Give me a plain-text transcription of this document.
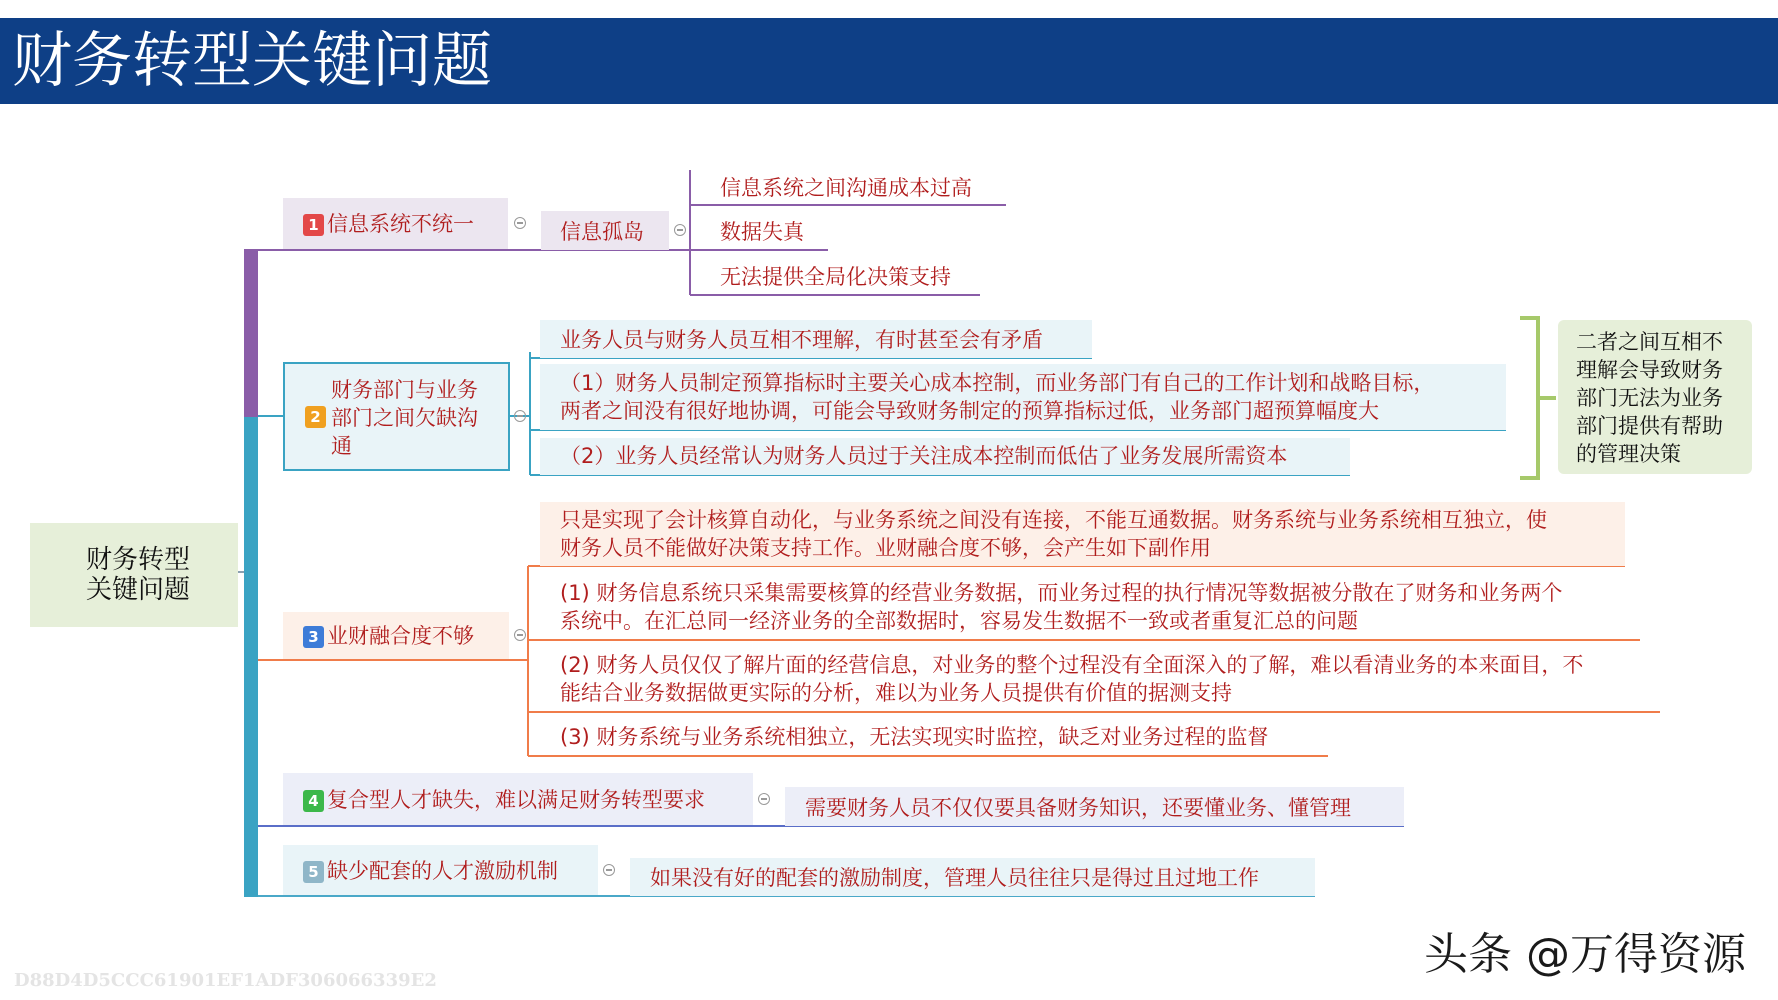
财务转型关键问题
财务转型
关键问题
1 信息系统不统一	信息孤岛
信息系统之间沟通成本过高
数据失真
无法提供全局化决策支持
2
财务部门与业务
部门之间欠缺沟
通
业务人员与财务人员互相不理解，有时甚至会有矛盾
（1）财务人员制定预算指标时主要关心成本控制，而业务部门有自己的工作计划和战略目标，
两者之间没有很好地协调，可能会导致财务制定的预算指标过低，业务部门超预算幅度大
（2）业务人员经常认为财务人员过于关注成本控制而低估了业务发展所需资本
二者之间互相不
理解会导致财务
部门无法为业务
部门提供有帮助
的管理决策
3 业财融合度不够
只是实现了会计核算自动化，与业务系统之间没有连接，不能互通数据。财务系统与业务系统相互独立，使
财务人员不能做好决策支持工作。业财融合度不够，会产生如下副作用
(1) 财务信息系统只采集需要核算的经营业务数据，而业务过程的执行情况等数据被分散在了财务和业务两个
系统中。在汇总同一经济业务的全部数据时，容易发生数据不一致或者重复汇总的问题
(2) 财务人员仅仅了解片面的经营信息，对业务的整个过程没有全面深入的了解，难以看清业务的本来面目，不
能结合业务数据做更实际的分析，难以为业务人员提供有价值的据测支持
(3) 财务系统与业务系统相独立，无法实现实时监控，缺乏对业务过程的监督
4 复合型人才缺失，难以满足财务转型要求	需要财务人员不仅仅要具备财务知识，还要懂业务、懂管理
5 缺少配套的人才激励机制	如果没有好的配套的激励制度，管理人员往往只是得过且过地工作
D88D4D5CCC61901EF1ADF306066339E2
头条 @万得资源
